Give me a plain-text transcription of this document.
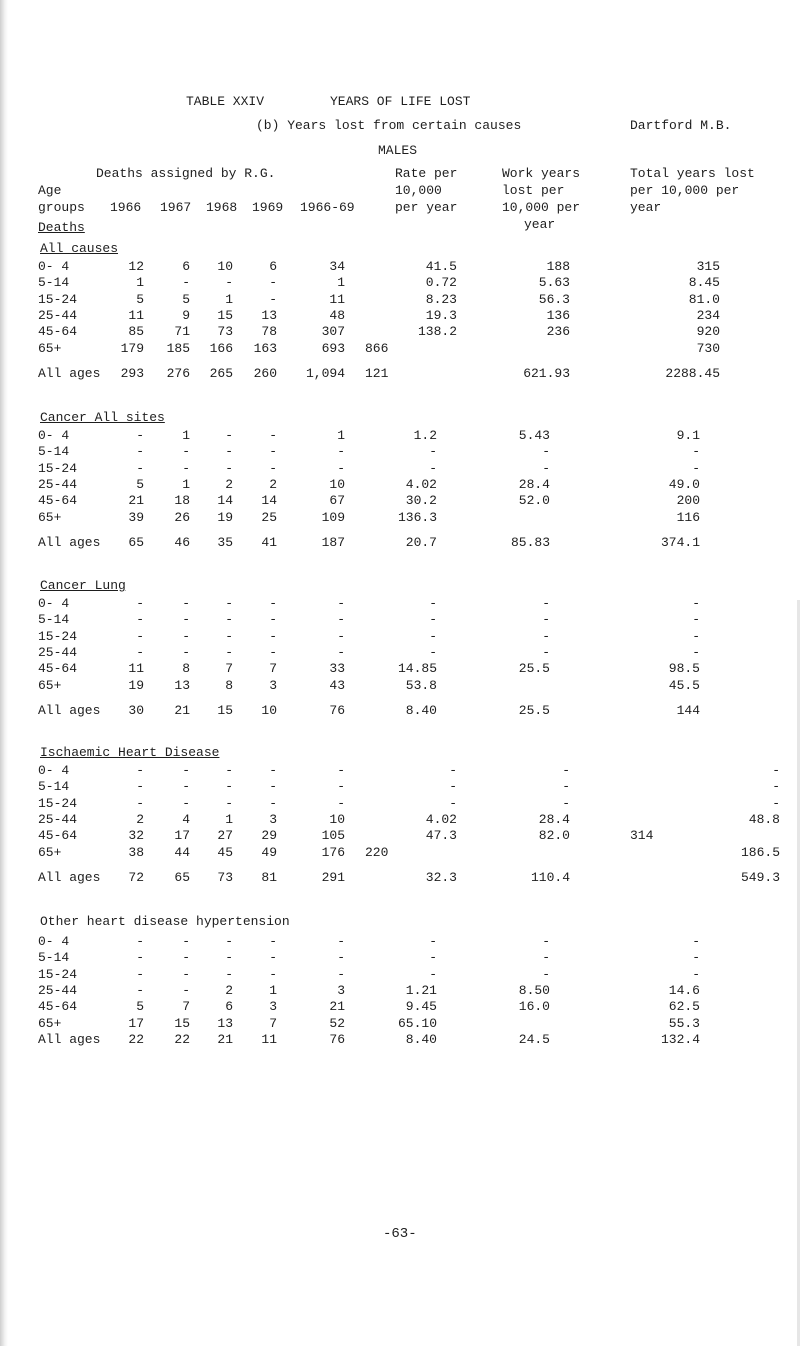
TABLE XXIV	YEARS OF LIFE LOST
(b) Years lost from certain causes	Dartford M.B.
MALES
Deaths assigned by R.G.
Age
groups 1966 1967 1968 1969 1966-69
Rate per
10,000
per year
Work years
lost per
10,000 per
year
Total years lost
per 10,000 per
year
Deaths
All causes
0- 4	12	6	10	6	34	41.5	188	315
5-14	1	-	-	-	1	0.72	5.63	8.45
15-24	5	5	1	-	11	8.23	56.3	81.0
25-44	11	9	15	13	48	19.3	136	234
45-64	85	71	73	78	307	138.2	236	920
65+	179	185	166	163	693	866		730
All ages	293	276	265	260	1,094	121	621.93	2288.45
Cancer All sites
0- 4	-	1	-	-	1	1.2	5.43	9.1
5-14	-	-	-	-	-	-	-	-
15-24	-	-	-	-	-	-	-	-
25-44	5	1	2	2	10	4.02	28.4	49.0
45-64	21	18	14	14	67	30.2	52.0	200
65+	39	26	19	25	109	136.3		116
All ages	65	46	35	41	187	20.7	85.83	374.1
Cancer Lung
0- 4	-	-	-	-	-	-	-	-
5-14	-	-	-	-	-	-	-	-
15-24	-	-	-	-	-	-	-	-
25-44	-	-	-	-	-	-	-	-
45-64	11	8	7	7	33	14.85	25.5	98.5
65+	19	13	8	3	43	53.8		45.5
All ages	30	21	15	10	76	8.40	25.5	144
Ischaemic Heart Disease
0- 4	-	-	-	-	-	-	-	-
5-14	-	-	-	-	-	-	-	-
15-24	-	-	-	-	-	-	-	-
25-44	2	4	1	3	10	4.02	28.4	48.8
45-64	32	17	27	29	105	47.3	82.0	314
65+	38	44	45	49	176	220		186.5
All ages	72	65	73	81	291	32.3	110.4	549.3
Other heart disease hypertension
0- 4	-	-	-	-	-	-	-	-
5-14	-	-	-	-	-	-	-	-
15-24	-	-	-	-	-	-	-	-
25-44	-	-	2	1	3	1.21	8.50	14.6
45-64	5	7	6	3	21	9.45	16.0	62.5
65+	17	15	13	7	52	65.10		55.3
All ages	22	22	21	11	76	8.40	24.5	132.4
-63-
